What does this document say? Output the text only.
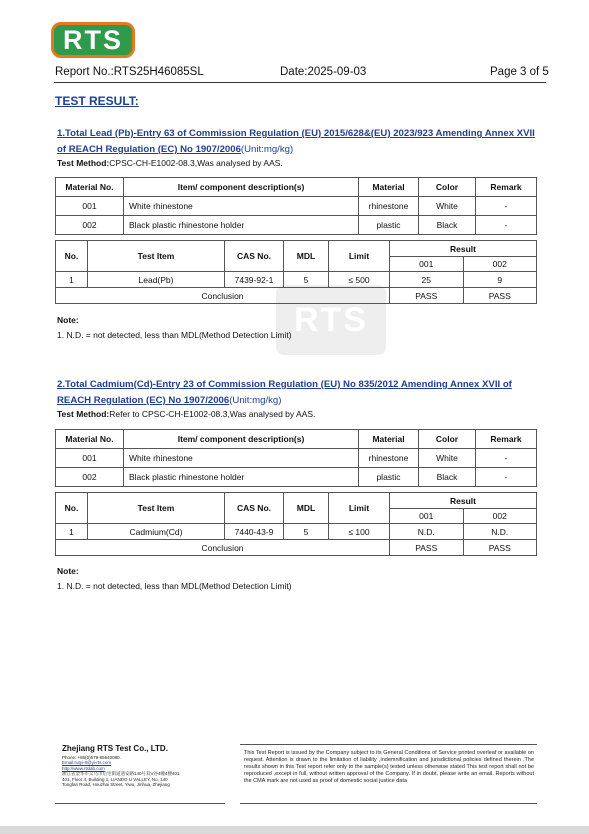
RTS
Report No.:RTS25H46085SL	Date:2025-09-03	Page 3 of 5
TEST RESULT:
RTS
1.Total Lead (Pb)-Entry 63 of Commission Regulation (EU) 2015/628&(EU) 2023/923 Amending Annex XVII of REACH Regulation (EC) No 1907/2006(Unit:mg/kg)
Test Method:CPSC-CH-E1002-08.3,Was analysed by AAS.
Material No.	Item/ component description(s)	Material	Color	Remark
001	White rhinestone	rhinestone	White	-
002	Black plastic rhinestone holder	plastic	Black	-
No.	Test Item	CAS No.	MDL	Limit	Result	
					001	002
1	Lead(Pb)	7439-92-1	5	≤ 500	25	9
Conclusion					PASS	PASS
Note:
1. N.D. = not detected, less than MDL(Method Detection Limit)
2.Total Cadmium(Cd)-Entry 23 of Commission Regulation (EU) No 835/2012 Amending Annex XVII of REACH Regulation (EC) No 1907/2006(Unit:mg/kg)
Test Method:Refer to CPSC-CH-E1002-08.3,Was analysed by AAS.
Material No.	Item/ component description(s)	Material	Color	Remark
001	White rhinestone	rhinestone	White	-
002	Black plastic rhinestone holder	plastic	Black	-
No.	Test Item	CAS No.	MDL	Limit	Result	
					001	002
1	Cadmium(Cd)	7440-43-9	5	≤ 100	N.D.	N.D.
Conclusion					PASS	PASS
Note:
1. N.D. = not detected, less than MDL(Method Detection Limit)
Zhejiang RTS Test Co., LTD.
Phone: +86(0)579-85640080.
Email:rutyi-8@yi-rts.com
http://www.rtslab.com
浙江省金华市义乌市后宅街道遗安路140号双V谷4幢4楼401
401, Floor 4, Building 1, LIANDO U VALLEY, No. 140 Tongfan Road, Houzhai Street, Yiwu, Jinhua, Zhejiang
This Test Report is issued by the Company subject to its General Conditions of Service printed overleaf or available on request. Attention is drawn to the limitation of liability ,indemnification and jurisdictional policies defined therein .The results shown in this Test report refer only to the sample(s) tested unless otherwise stated This test report shall not be reproduced ,except in full, without written approval of the Company. If in doubt, please write an email. Reports without the CMA mark are not used as proof of domestic social justice data
